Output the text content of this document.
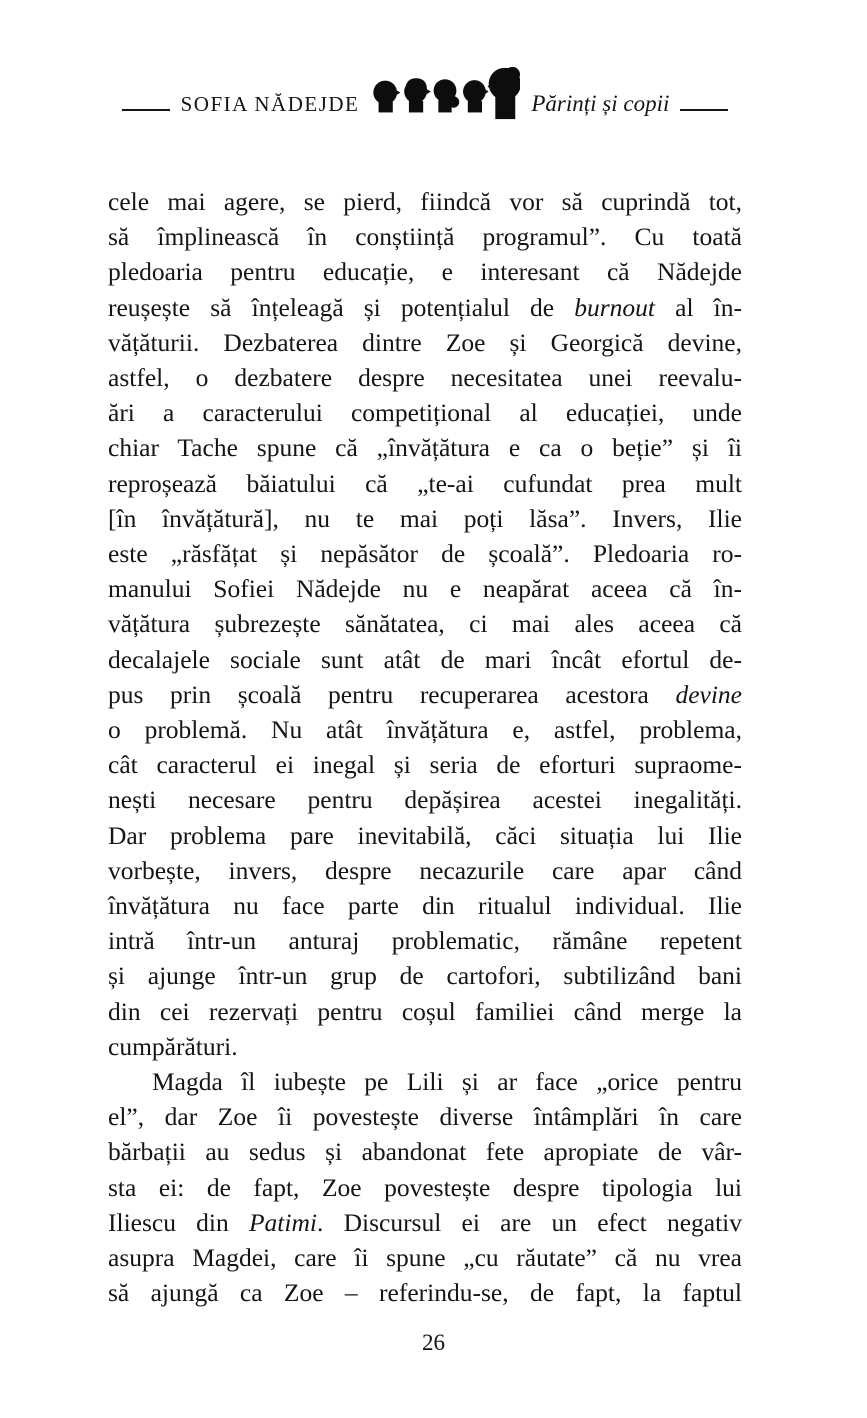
SOFIA NĂDEJDE	Părinți și copii
cele mai agere, se pierd, fiindcă vor să cuprindă tot,
să împlinească în conștiință programul”. Cu toată
pledoaria pentru educație, e interesant că Nădejde
reușește să înțeleagă și potențialul de burnout al în-
vățăturii. Dezbaterea dintre Zoe și Georgică devine,
astfel, o dezbatere despre necesitatea unei reevalu-
ări a caracterului competițional al educației, unde
chiar Tache spune că „învățătura e ca o beție” și îi
reproșează băiatului că „te-ai cufundat prea mult
[în învățătură], nu te mai poți lăsa”. Invers, Ilie
este „răsfățat și nepăsător de școală”. Pledoaria ro-
manului Sofiei Nădejde nu e neapărat aceea că în-
vățătura șubrezește sănătatea, ci mai ales aceea că
decalajele sociale sunt atât de mari încât efortul de-
pus prin școală pentru recuperarea acestora devine
o problemă. Nu atât învățătura e, astfel, problema,
cât caracterul ei inegal și seria de eforturi supraome-
nești necesare pentru depășirea acestei inegalități.
Dar problema pare inevitabilă, căci situația lui Ilie
vorbește, invers, despre necazurile care apar când
învățătura nu face parte din ritualul individual. Ilie
intră într-un anturaj problematic, rămâne repetent
și ajunge într-un grup de cartofori, subtilizând bani
din cei rezervați pentru coșul familiei când merge la
cumpărături.
Magda îl iubește pe Lili și ar face „orice pentru
el”, dar Zoe îi povestește diverse întâmplări în care
bărbații au sedus și abandonat fete apropiate de vâr-
sta ei: de fapt, Zoe povestește despre tipologia lui
Iliescu din Patimi. Discursul ei are un efect negativ
asupra Magdei, care îi spune „cu răutate” că nu vrea
să ajungă ca Zoe – referindu-se, de fapt, la faptul
26
